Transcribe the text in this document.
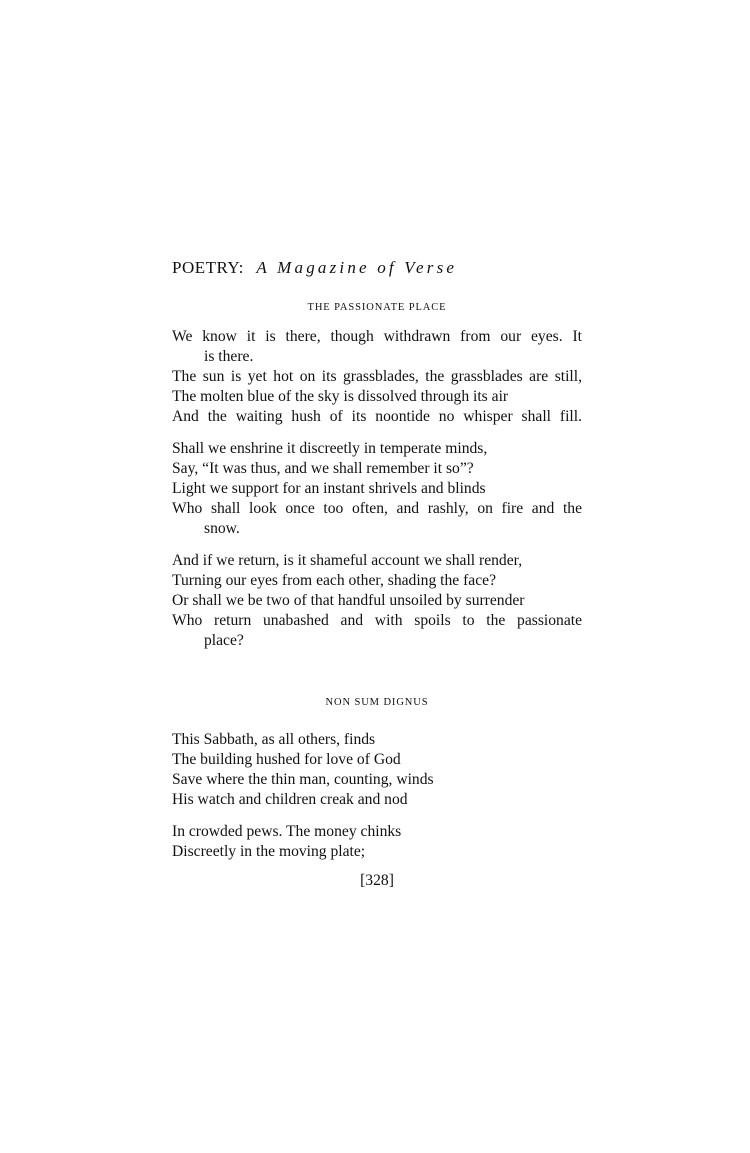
POETRY: A Magazine of Verse
THE PASSIONATE PLACE
We know it is there, though withdrawn from our eyes. It
is there.
The sun is yet hot on its grassblades, the grassblades are still,
The molten blue of the sky is dissolved through its air
And the waiting hush of its noontide no whisper shall fill.
Shall we enshrine it discreetly in temperate minds,
Say, “It was thus, and we shall remember it so”?
Light we support for an instant shrivels and blinds
Who shall look once too often, and rashly, on fire and the
snow.
And if we return, is it shameful account we shall render,
Turning our eyes from each other, shading the face?
Or shall we be two of that handful unsoiled by surrender
Who return unabashed and with spoils to the passionate
place?
NON SUM DIGNUS
This Sabbath, as all others, finds
The building hushed for love of God
Save where the thin man, counting, winds
His watch and children creak and nod
In crowded pews. The money chinks
Discreetly in the moving plate;
[328]
